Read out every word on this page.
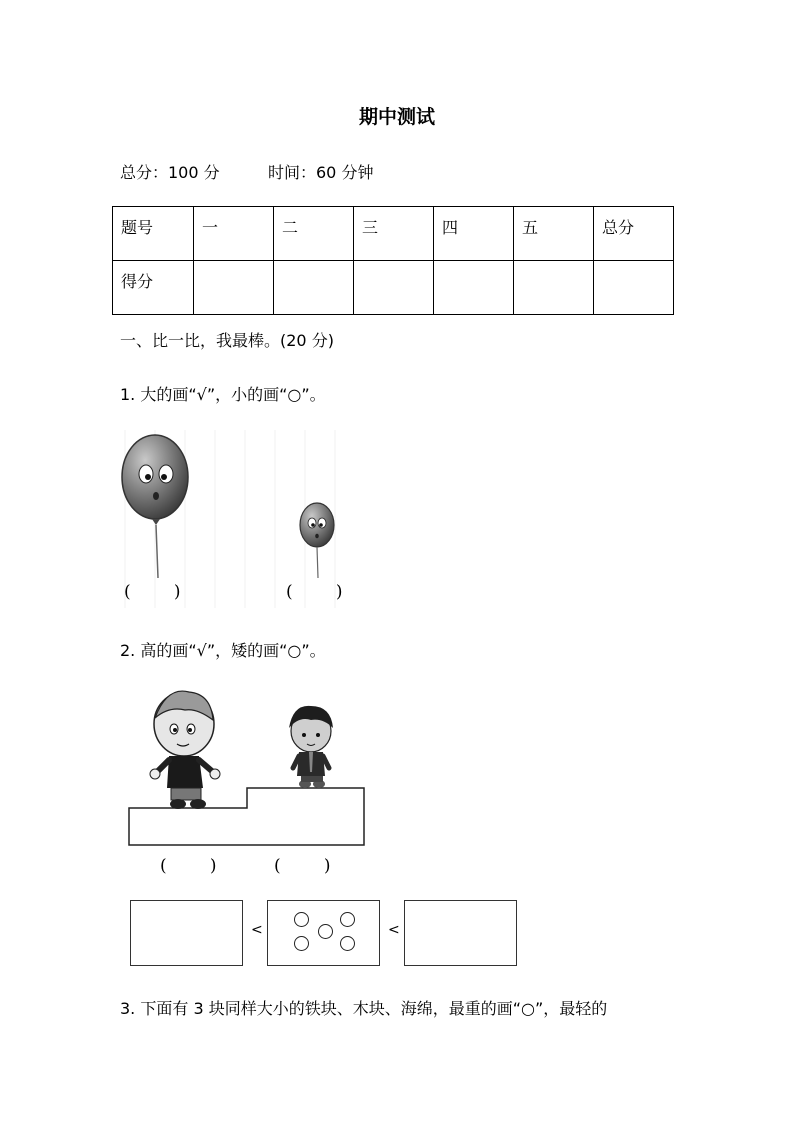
期中测试
总分：100 分	时间：60 分钟
题号	一	二	三	四	五	总分
得分						
一、比一比，我最棒。(20 分)
1. 大的画“√”，小的画“○”。
(        )	(        )
2. 高的画“√”，矮的画“○”。
(        )	(        )
<	<
3. 下面有 3 块同样大小的铁块、木块、海绵，最重的画“○”，最轻的
